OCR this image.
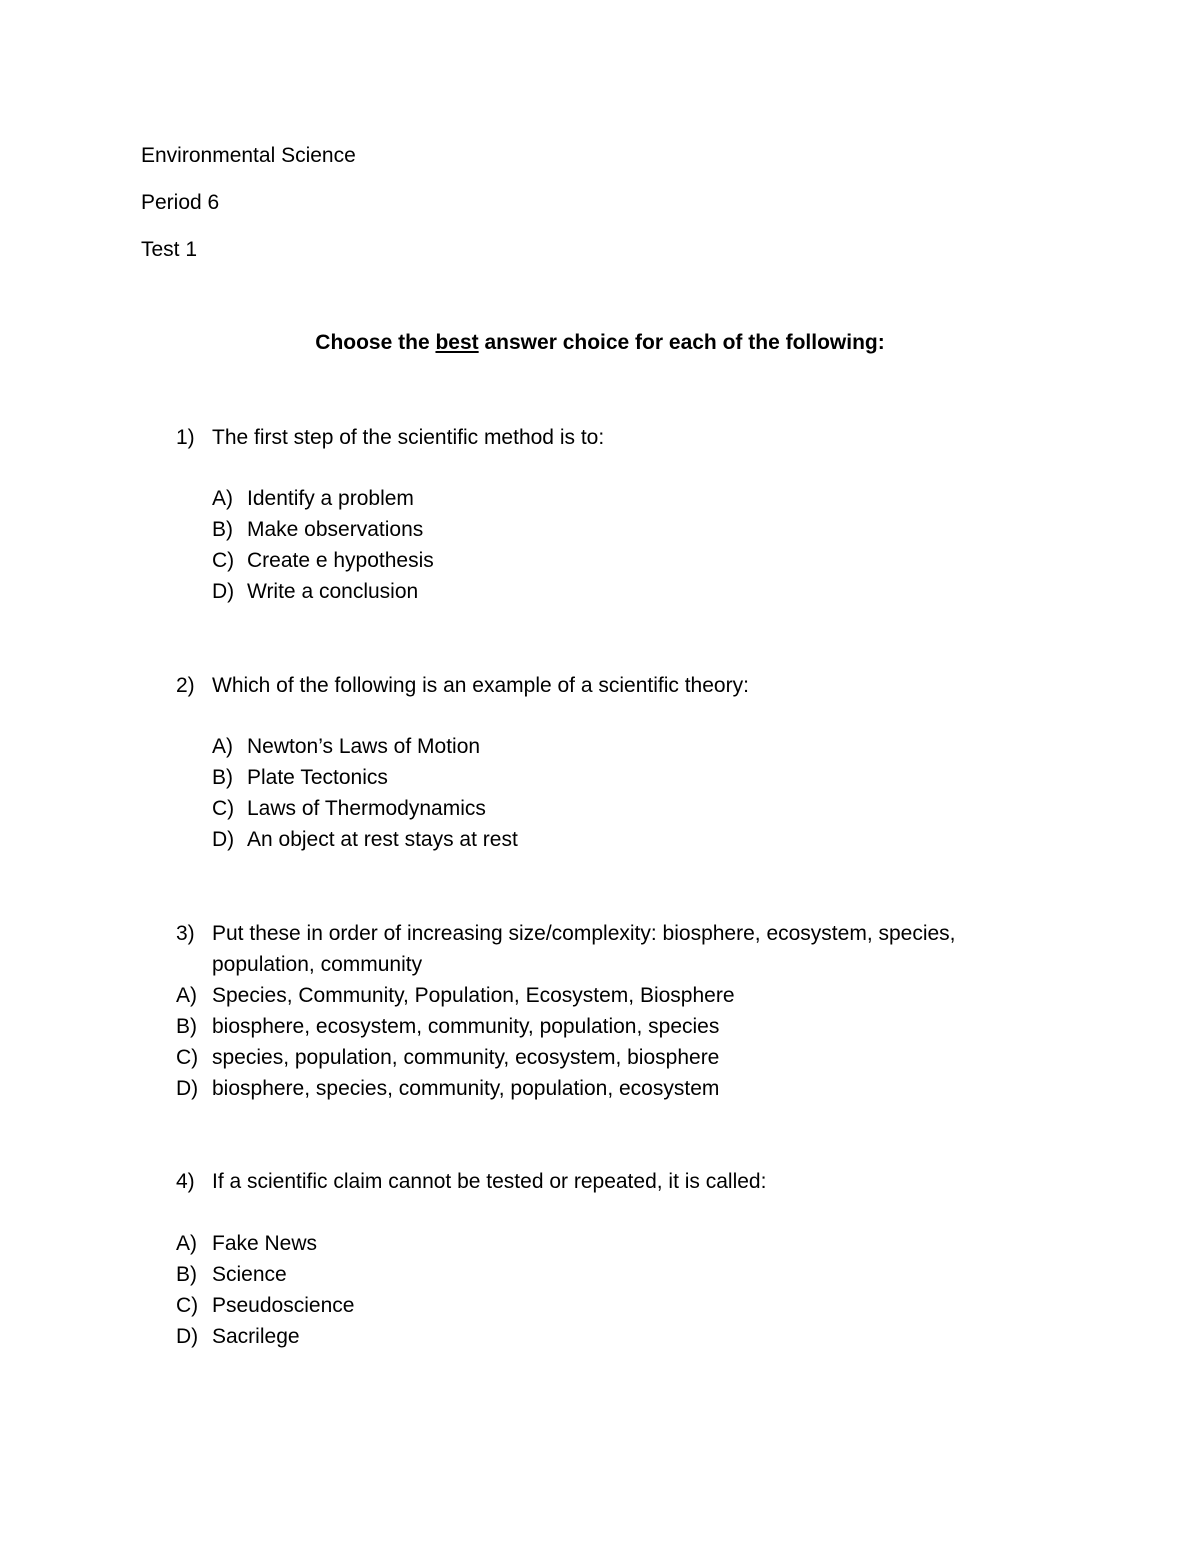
Environmental Science
Period 6
Test 1
Choose the best answer choice for each of the following:
1) The first step of the scientific method is to:
A) Identify a problem
B) Make observations
C) Create e hypothesis
D) Write a conclusion
2) Which of the following is an example of a scientific theory:
A) Newton’s Laws of Motion
B) Plate Tectonics
C) Laws of Thermodynamics
D) An object at rest stays at rest
3) Put these in order of increasing size/complexity: biosphere, ecosystem, species,
population, community
A) Species, Community, Population, Ecosystem, Biosphere
B) biosphere, ecosystem, community, population, species
C) species, population, community, ecosystem, biosphere
D) biosphere, species, community, population, ecosystem
4) If a scientific claim cannot be tested or repeated, it is called:
A) Fake News
B) Science
C) Pseudoscience
D) Sacrilege
